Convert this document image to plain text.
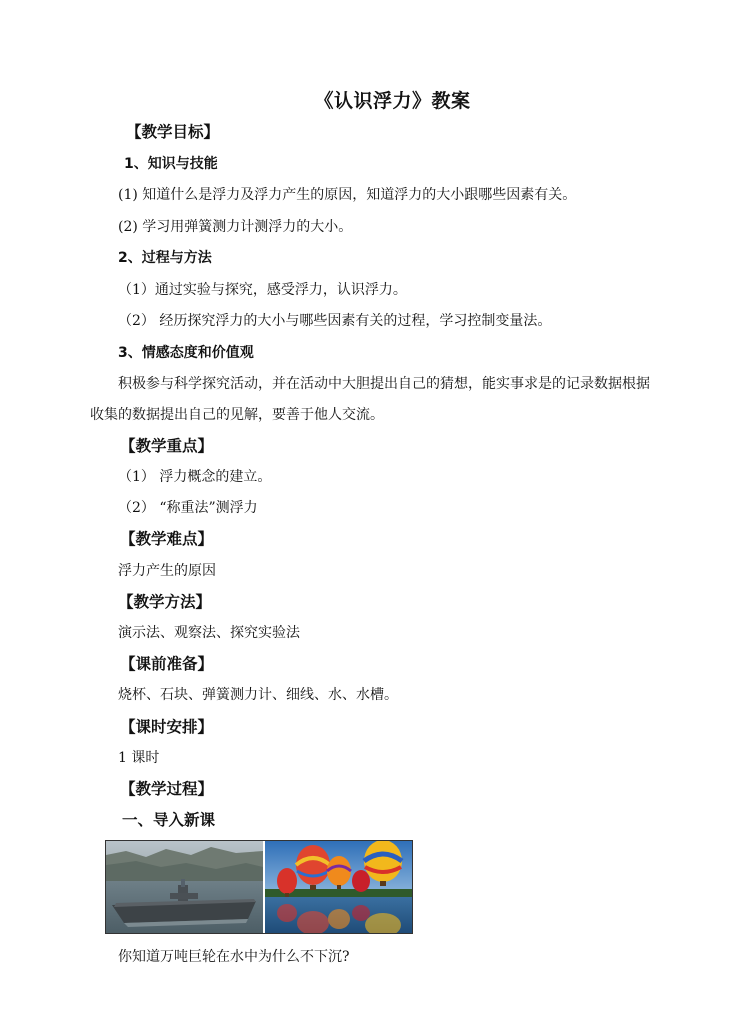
《认识浮力》教案
【教学目标】
1、知识与技能
(1) 知道什么是浮力及浮力产生的原因，知道浮力的大小跟哪些因素有关。
(2) 学习用弹簧测力计测浮力的大小。
2、过程与方法
（1）通过实验与探究，感受浮力，认识浮力。
（2） 经历探究浮力的大小与哪些因素有关的过程，学习控制变量法。
3、情感态度和价值观
积极参与科学探究活动，并在活动中大胆提出自己的猜想，能实事求是的记录数据根据
收集的数据提出自己的见解，要善于他人交流。
【教学重点】
（1） 浮力概念的建立。
（2） “称重法”测浮力
【教学难点】
浮力产生的原因
【教学方法】
演示法、观察法、探究实验法
【课前准备】
烧杯、石块、弹簧测力计、细线、水、水槽。
【课时安排】
1 课时
【教学过程】
一、导入新课
你知道万吨巨轮在水中为什么不下沉?
